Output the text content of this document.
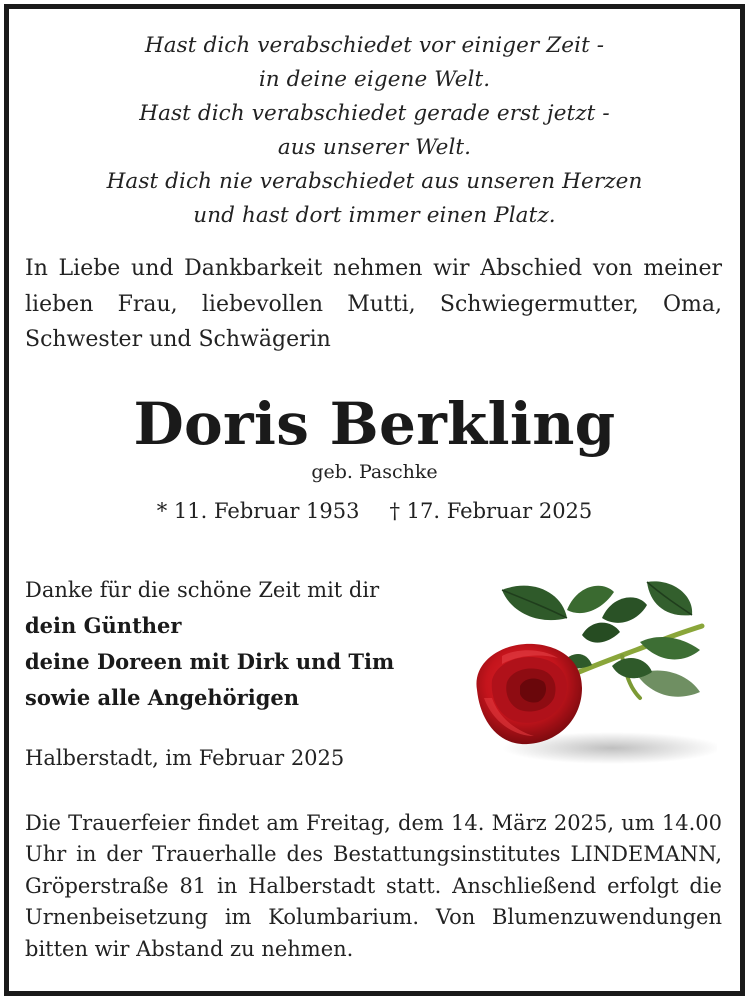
Hast dich verabschiedet vor einiger Zeit -
in deine eigene Welt.
Hast dich verabschiedet gerade erst jetzt -
aus unserer Welt.
Hast dich nie verabschiedet aus unseren Herzen
und hast dort immer einen Platz.
In Liebe und Dankbarkeit nehmen wir Abschied von meiner lieben Frau, liebevollen Mutti, Schwiegermutter, Oma, Schwester und Schwägerin
Doris Berkling
geb. Paschke
* 11. Februar 1953 † 17. Februar 2025
Danke für die schöne Zeit mit dir
dein Günther
deine Doreen mit Dirk und Tim
sowie alle Angehörigen
Halberstadt, im Februar 2025
Die Trauerfeier findet am Freitag, dem 14. März 2025, um 14.00 Uhr in der Trauerhalle des Bestattungsinstitutes LINDEMANN, Gröperstraße 81 in Halberstadt statt. Anschließend erfolgt die Urnenbeisetzung im Kolumbarium. Von Blumenzuwendungen bitten wir Abstand zu nehmen.
